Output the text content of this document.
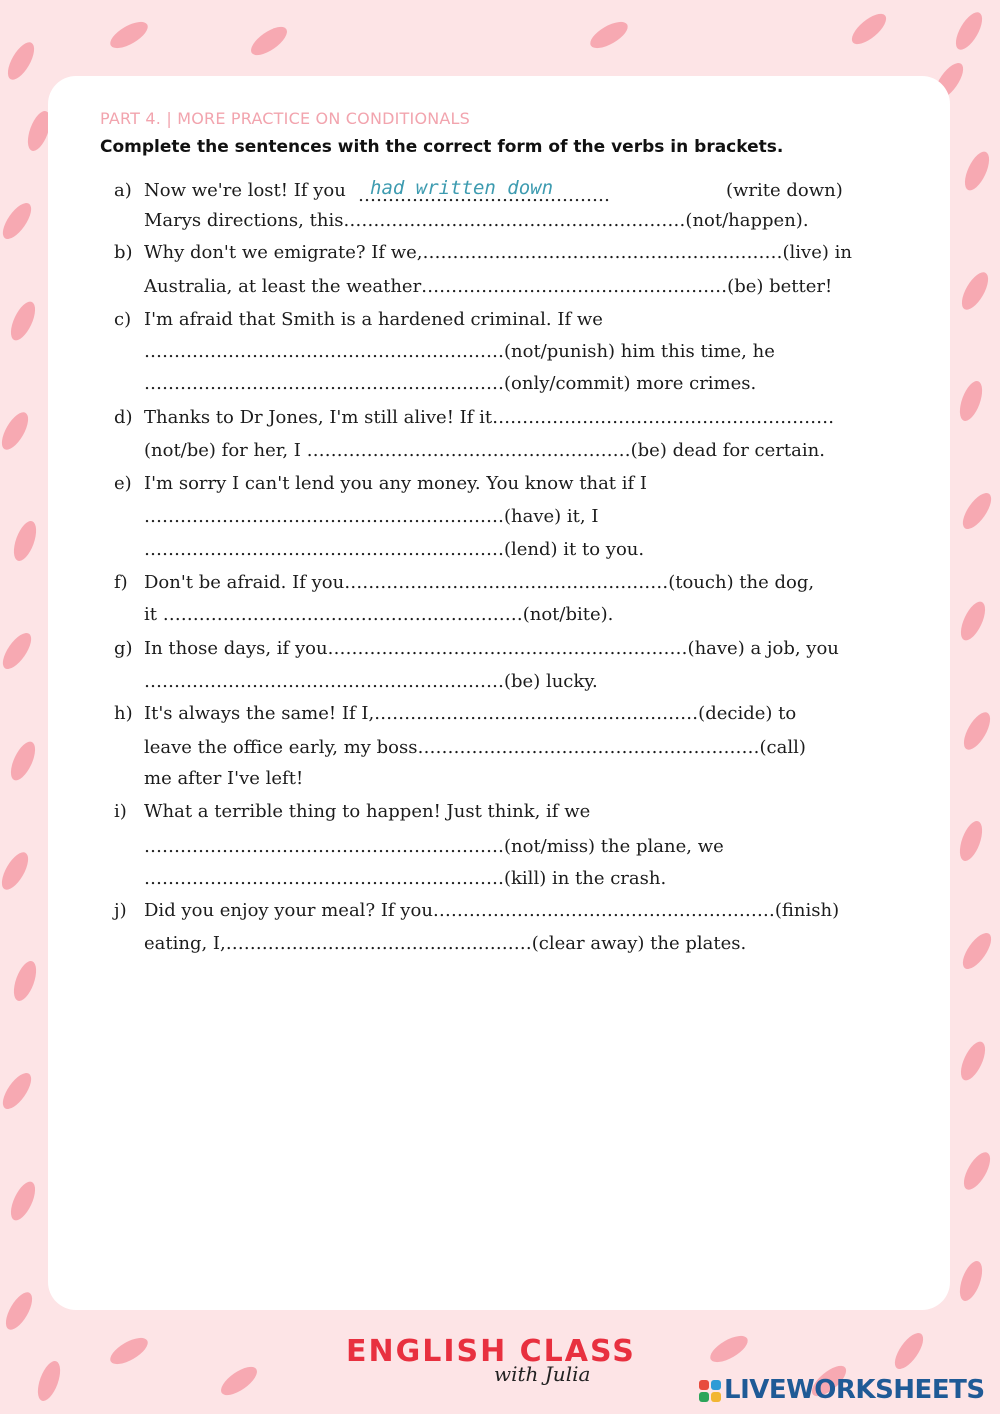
PART 4. | MORE PRACTICE ON CONDITIONALS
Complete the sentences with the correct form of the verbs in brackets.
a) Now we're lost! If you ……………………………………
had written down	(write down)
Marys directions, this…………………………………………………(not/happen).
b) Why don't we emigrate? If we,……………………………………………………(live) in
Australia, at least the weather……………………………………………(be) better!
c) I'm afraid that Smith is a hardened criminal. If we
……………………………………………………(not/punish) him this time, he
……………………………………………………(only/commit) more crimes.
d) Thanks to Dr Jones, I'm still alive! If it…………………………………………………
(not/be) for her, I ………………………………………………(be) dead for certain.
e) I'm sorry I can't lend you any money. You know that if I
……………………………………………………(have) it, I
……………………………………………………(lend) it to you.
f) Don't be afraid. If you………………………………………………(touch) the dog,
it ……………………………………………………(not/bite).
g) In those days, if you……………………………………………………(have) a job, you
……………………………………………………(be) lucky.
h) It's always the same! If I,………………………………………………(decide) to
leave the office early, my boss…………………………………………………(call)
me after I've left!
i) What a terrible thing to happen! Just think, if we
……………………………………………………(not/miss) the plane, we
……………………………………………………(kill) in the crash.
j) Did you enjoy your meal? If you…………………………………………………(finish)
eating, I,……………………………………………(clear away) the plates.
ENGLISH CLASS
with Julia
LIVEWORKSHEETS
